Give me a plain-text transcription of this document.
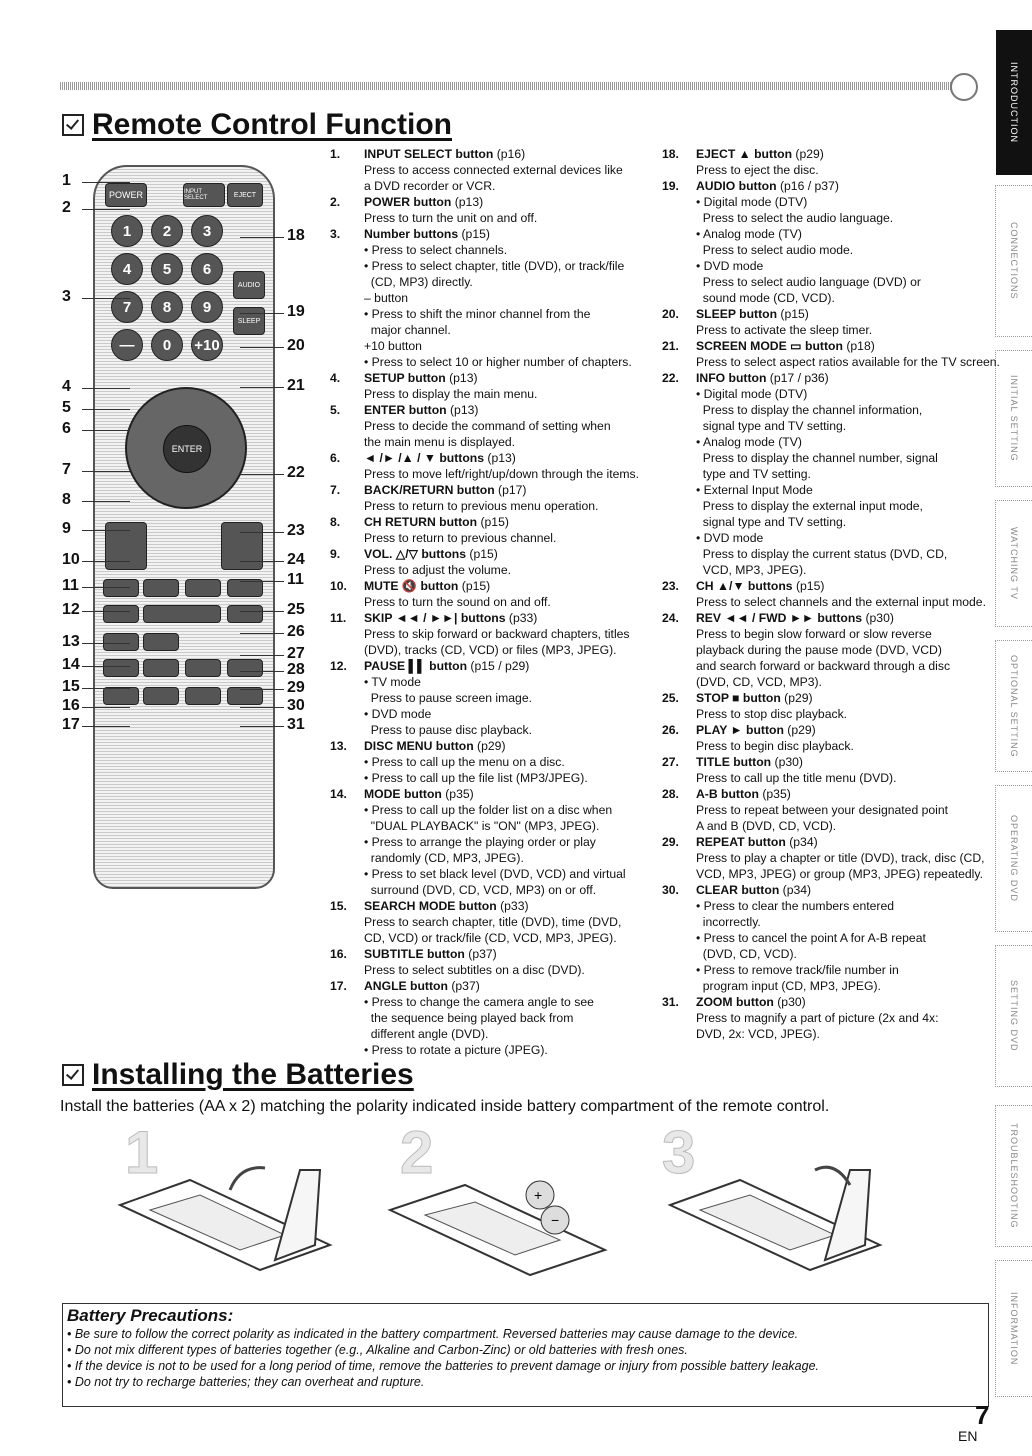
Remote Control Function	INTRODUCTION
CONNECTIONS
INITIAL SETTING
WATCHING TV
OPTIONAL SETTING
OPERATING DVD
SETTING DVD
TROUBLESHOOTING
INFORMATION
POWER	INPUT SELECT	EJECT
AUDIO
SLEEP
ENTER
1	2	3
4	5	6
7	8	9
—	0	+10
1
2
3
4
5
6
7
8
9
10
11
12
13
14
15
16
17
18
19
20
21
22
23
24
11
25
26
27
28
29
30
31
1.	INPUT SELECT button (p16)
Press to access connected external devices like
a DVD recorder or VCR.
2.	POWER button (p13)
Press to turn the unit on and off.
3.	Number buttons (p15)
• Press to select channels.
• Press to select chapter, title (DVD), or track/file
(CD, MP3) directly.
– button
• Press to shift the minor channel from the
major channel.
+10 button
• Press to select 10 or higher number of chapters.
4.	SETUP button (p13)
Press to display the main menu.
5.	ENTER button (p13)
Press to decide the command of setting when
the main menu is displayed.
6.	◄ /► /▲ / ▼ buttons (p13)
Press to move left/right/up/down through the items.
7.	BACK/RETURN button (p17)
Press to return to previous menu operation.
8.	CH RETURN button (p15)
Press to return to previous channel.
9.	VOL. △/▽ buttons (p15)
Press to adjust the volume.
10.	MUTE 🔇 button (p15)
Press to turn the sound on and off.
11.	SKIP ◄◄ / ►►| buttons (p33)
Press to skip forward or backward chapters, titles
(DVD), tracks (CD, VCD) or files (MP3, JPEG).
12.	PAUSE ▌▌ button (p15 / p29)
• TV mode
Press to pause screen image.
• DVD mode
Press to pause disc playback.
13.	DISC MENU button (p29)
• Press to call up the menu on a disc.
• Press to call up the file list (MP3/JPEG).
14.	MODE button (p35)
• Press to call up the folder list on a disc when
"DUAL PLAYBACK" is "ON" (MP3, JPEG).
• Press to arrange the playing order or play
randomly (CD, MP3, JPEG).
• Press to set black level (DVD, VCD) and virtual
surround (DVD, CD, VCD, MP3) on or off.
15.	SEARCH MODE button (p33)
Press to search chapter, title (DVD), time (DVD,
CD, VCD) or track/file (CD, VCD, MP3, JPEG).
16.	SUBTITLE button (p37)
Press to select subtitles on a disc (DVD).
17.	ANGLE button (p37)
• Press to change the camera angle to see
the sequence being played back from
different angle (DVD).
• Press to rotate a picture (JPEG).
18.	EJECT ▲ button (p29)
Press to eject the disc.
19.	AUDIO button (p16 / p37)
• Digital mode (DTV)
Press to select the audio language.
• Analog mode (TV)
Press to select audio mode.
• DVD mode
Press to select audio language (DVD) or
sound mode (CD, VCD).
20.	SLEEP button (p15)
Press to activate the sleep timer.
21.	SCREEN MODE ▭ button (p18)
Press to select aspect ratios available for the TV screen.
22.	INFO button (p17 / p36)
• Digital mode (DTV)
Press to display the channel information,
signal type and TV setting.
• Analog mode (TV)
Press to display the channel number, signal
type and TV setting.
• External Input Mode
Press to display the external input mode,
signal type and TV setting.
• DVD mode
Press to display the current status (DVD, CD,
VCD, MP3, JPEG).
23.	CH ▲/▼ buttons (p15)
Press to select channels and the external input mode.
24.	REV ◄◄ / FWD ►► buttons (p30)
Press to begin slow forward or slow reverse
playback during the pause mode (DVD, VCD)
and search forward or backward through a disc
(DVD, CD, VCD, MP3).
25.	STOP ■ button (p29)
Press to stop disc playback.
26.	PLAY ► button (p29)
Press to begin disc playback.
27.	TITLE button (p30)
Press to call up the title menu (DVD).
28.	A-B button (p35)
Press to repeat between your designated point
A and B (DVD, CD, VCD).
29.	REPEAT button (p34)
Press to play a chapter or title (DVD), track, disc (CD,
VCD, MP3, JPEG) or group (MP3, JPEG) repeatedly.
30.	CLEAR button (p34)
• Press to clear the numbers entered
incorrectly.
• Press to cancel the point A for A-B repeat
(DVD, CD, VCD).
• Press to remove track/file number in
program input (CD, MP3, JPEG).
31.	ZOOM button (p30)
Press to magnify a part of picture (2x and 4x:
DVD, 2x: VCD, JPEG).
Installing the Batteries
Install the batteries (AA x 2) matching the polarity indicated inside battery compartment of the remote control.
1	2	3
+
−
Battery Precautions:
• Be sure to follow the correct polarity as indicated in the battery compartment. Reversed batteries may cause damage to the device.
• Do not mix different types of batteries together (e.g., Alkaline and Carbon-Zinc) or old batteries with fresh ones.
• If the device is not to be used for a long period of time, remove the batteries to prevent damage or injury from possible battery leakage.
• Do not try to recharge batteries; they can overheat and rupture.
7
EN
